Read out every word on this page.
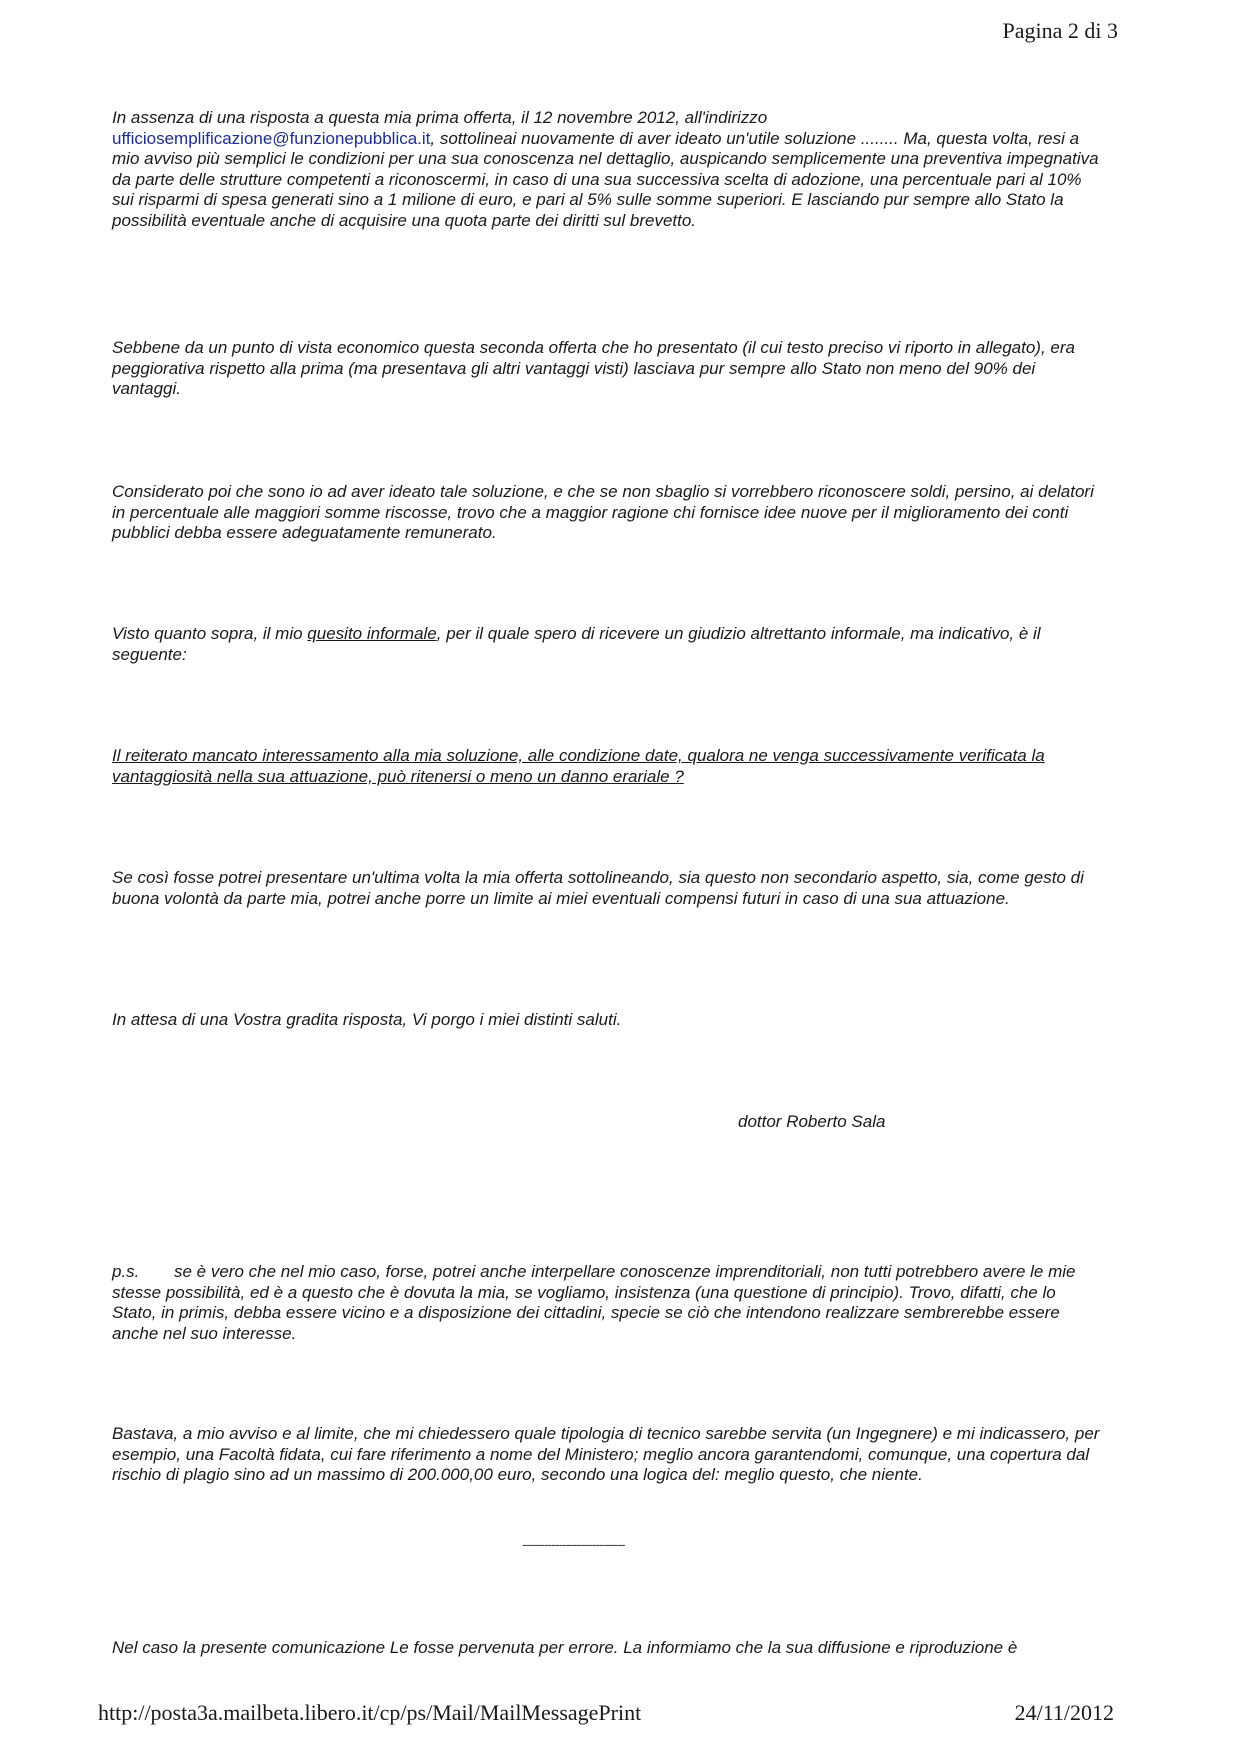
Pagina 2 di 3

In assenza di una risposta a questa mia prima offerta, il 12 novembre 2012, all'indirizzo
ufficiosemplificazione@funzionepubblica.it, sottolineai nuovamente di aver ideato un'utile soluzione ........ Ma, questa volta, resi a mio avviso più semplici le condizioni per una sua conoscenza nel dettaglio, auspicando semplicemente una preventiva impegnativa da parte delle strutture competenti a riconoscermi, in caso di una sua successiva scelta di adozione, una percentuale pari al 10% sui risparmi di spesa generati sino a 1 milione di euro, e pari al 5% sulle somme superiori. E lasciando pur sempre allo Stato la possibilità eventuale anche di acquisire una quota parte dei diritti sul brevetto.

Sebbene da un punto di vista economico questa seconda offerta che ho presentato (il cui testo preciso vi riporto in allegato), era peggiorativa rispetto alla prima (ma presentava gli altri vantaggi visti) lasciava pur sempre allo Stato non meno del 90% dei vantaggi.

Considerato poi che sono io ad aver ideato tale soluzione, e che se non sbaglio si vorrebbero riconoscere soldi, persino, ai delatori in percentuale alle maggiori somme riscosse, trovo che a maggior ragione chi fornisce idee nuove per il miglioramento dei conti pubblici debba essere adeguatamente remunerato.

Visto quanto sopra, il mio quesito informale, per il quale spero di ricevere un giudizio altrettanto informale, ma indicativo, è il seguente:

Il reiterato mancato interessamento alla mia soluzione, alle condizione date, qualora ne venga successivamente verificata la vantaggiosità nella sua attuazione, può ritenersi o meno un danno erariale ?

Se così fosse potrei presentare un'ultima volta la mia offerta sottolineando, sia questo non secondario aspetto, sia, come gesto di buona volontà da parte mia, potrei anche porre un limite ai miei eventuali compensi futuri in caso di una sua attuazione.

In attesa di una Vostra gradita risposta, Vi porgo i miei distinti saluti.

dottor Roberto Sala

p.s. se è vero che nel mio caso, forse, potrei anche interpellare conoscenze imprenditoriali, non tutti potrebbero avere le mie stesse possibilità, ed è a questo che è dovuta la mia, se vogliamo, insistenza (una questione di principio). Trovo, difatti, che lo Stato, in primis, debba essere vicino e a disposizione dei cittadini, specie se ciò che intendono realizzare sembrerebbe essere anche nel suo interesse.

Bastava, a mio avviso e al limite, che mi chiedessero quale tipologia di tecnico sarebbe servita (un Ingegnere) e mi indicassero, per esempio, una Facoltà fidata, cui fare riferimento a nome del Ministero; meglio ancora garantendomi, comunque, una copertura dal rischio di plagio sino ad un massimo di 200.000,00 euro, secondo una logica del: meglio questo, che niente.

----------------------------

Nel caso la presente comunicazione Le fosse pervenuta per errore. La informiamo che la sua diffusione e riproduzione è

http://posta3a.mailbeta.libero.it/cp/ps/Mail/MailMessagePrint	24/11/2012
